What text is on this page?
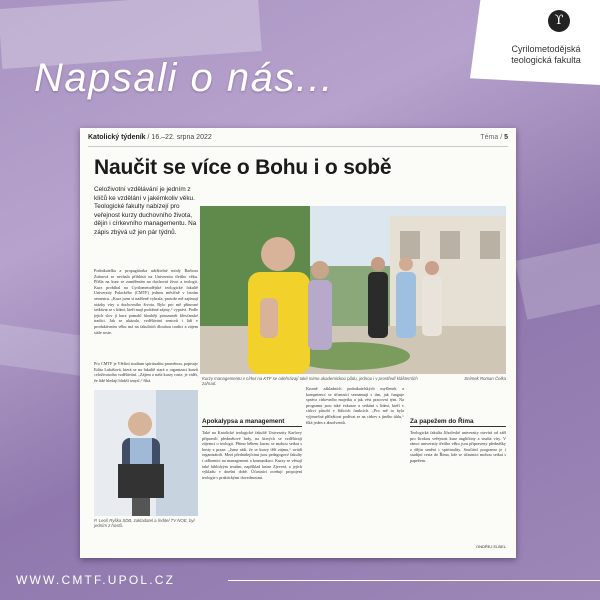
ϒ
Cyrilometodějská teologická fakulta
Napsali o nás...
Katolický týdeník / 16.–22. srpna 2022	Téma / 5
Naučit se více o Bohu i o sobě
Celoživotní vzdělávání je jedním z klíčů ke vzdělání v jakémkoliv věku. Teologické fakulty nabízejí pro veřejnost kurzy duchovního života, dějin i církevního managementu. Na zápis zbývá už jen pár týdnů.
Podnikatelka a propagátorka udržitelné módy Barbora Zubrová se nechala přihlásit na Univerzitu třetího věku. Přišla na kurz se zaměřením na duchovní život a teologii. Kurz probíhal na Cyrilometodějské teologické fakultě Univerzity Palackého (CMTF) jednou měsíčně v letním semestru. „Kurz jsem si nadšeně vybrala, protože mě zajímají otázky víry a duchovního života. Bylo pro mě přínosné setkávat se s lidmi, kteří mají podobné zájmy,“ vypráví. Podle jejích slov jí kurz pomohl hlouběji porozumět křesťanské tradici. Jak se ukázalo, vzdělávání seniorů i lidí v produktivním věku má na fakultách dlouhou tradici a zájem stále roste.
Pro CMTF je Většiní studium spiritualitu proměnou, popisuje Edita Lukášová, která se na fakultě stará o organizaci kurzů celoživotního vzdělávání. „Zájem o naše kurzy roste, je vidět, že lidé hledají hlubší smysl,“ říká.	Kurzy managementu v církvi na KTF se odehrávají také mimo akademickou půdu, jednou i v prostředí klášterních zahrad.
Snímek Roman Čelka
P. Leoš Ryška SDB, zakladatel a ředitel TV NOE, byl jedním z hostů.
Apokalypsa a management
Také na Katolické teologické fakultě Univerzity Karlovy připravili předmětové řady, na kterých se vzdělávají zájemci o teologii. Přímo během kurzu se mohou setkat s hosty z praxe. „Jsme rádi, že se kurzy těší zájmu,“ uvádí organizátoři. Mezi přednášejícími jsou pedagogové fakulty i odborníci na management a komunikaci. Kurzy se věnují také biblickým textům, například knize Zjevení, a jejich výkladu v dnešní době. Účastníci oceňují propojení teologie s praktickými dovednostmi.
Kromě základních podnikatelských myšlenek a kompetencí se účastníci seznamují s tím, jak funguje správa církevního majetku a jak vést pracovní tým. Na programu jsou také exkurze a setkání s lidmi, kteří v církvi působí v řídicích funkcích. „Pro mě to byla výjimečná příležitost podívat se na církev z jiného úhlu,“ říká jeden z absolventů.	Za papežem do Říma
Teologická fakulta Jihočeské univerzity otevírá od září pro širokou veřejnost kurz angličtiny a studia víry. V rámci univerzity třetího věku jsou připraveny přednášky z dějin umění i spirituality. Součástí programu je i studijní cesta do Říma, kde se účastníci mohou setkat s papežem.
ONDŘEJ ELBEL
WWW.CMTF.UPOL.CZ
